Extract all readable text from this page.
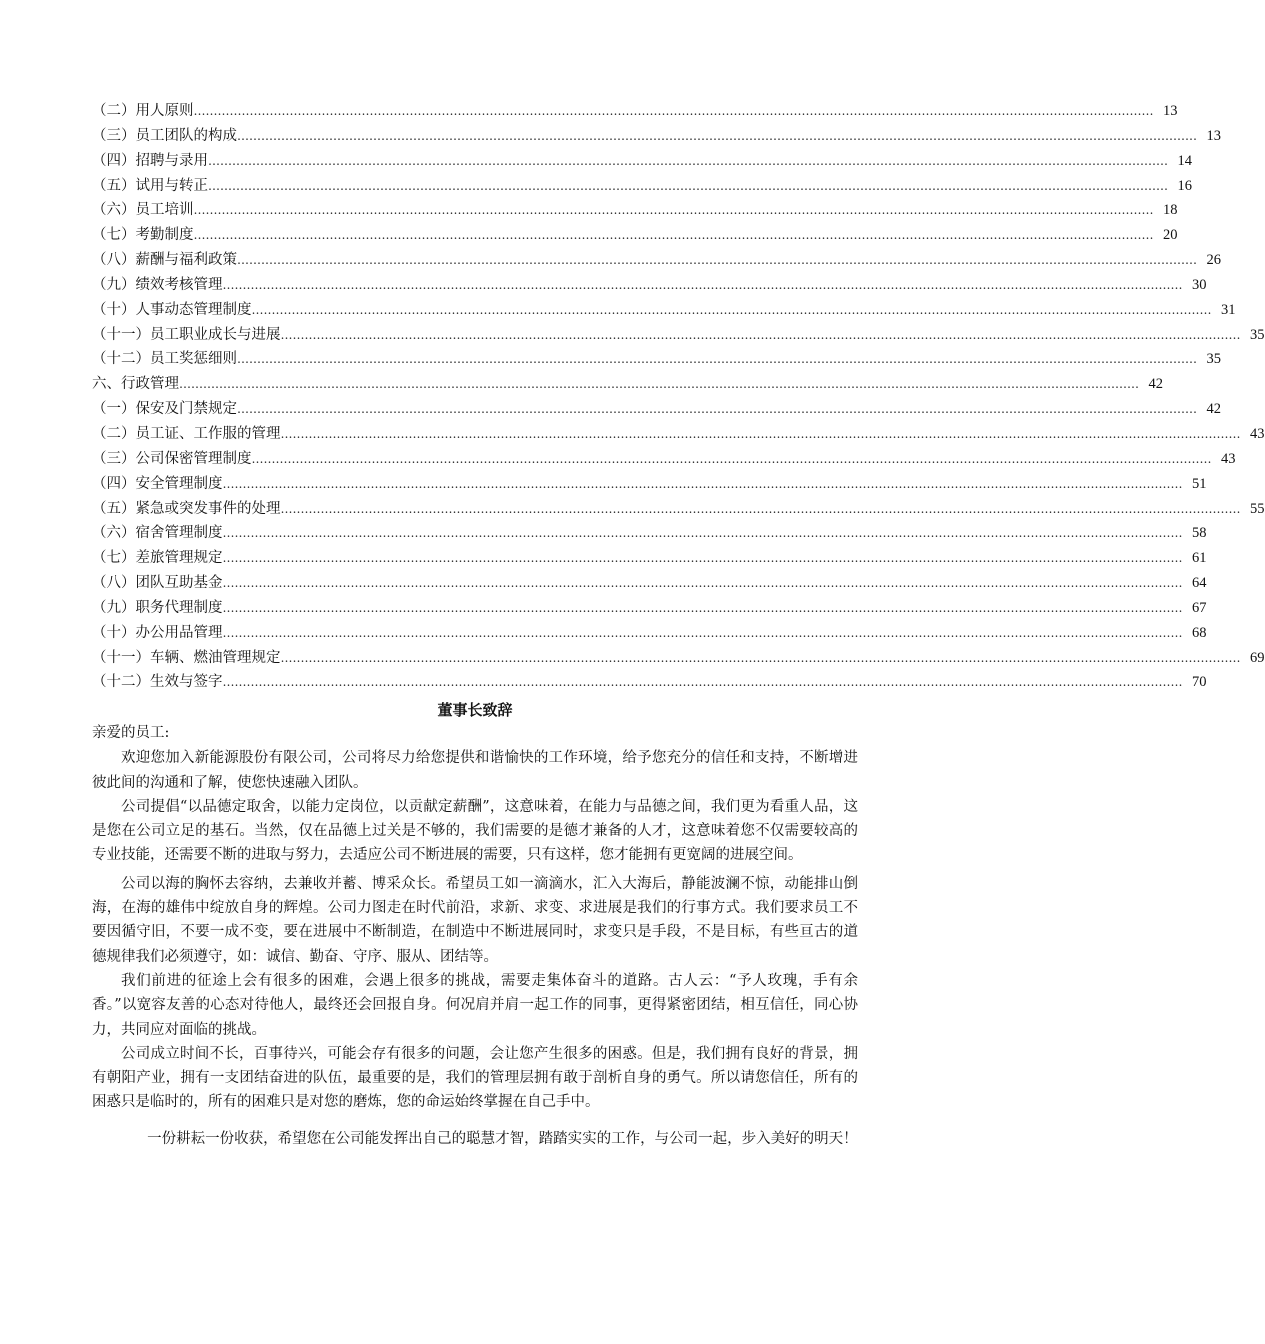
（二）用人原则 …………………………………………………………………………………………………………………………………………………………………………………………………………………… 13
（三）员工团队的构成 …………………………………………………………………………………………………………………………………………………………………………………………………………………… 13
（四）招聘与录用 …………………………………………………………………………………………………………………………………………………………………………………………………………………… 14
（五）试用与转正 …………………………………………………………………………………………………………………………………………………………………………………………………………………… 16
（六）员工培训 …………………………………………………………………………………………………………………………………………………………………………………………………………………… 18
（七）考勤制度 …………………………………………………………………………………………………………………………………………………………………………………………………………………… 20
（八）薪酬与福利政策 …………………………………………………………………………………………………………………………………………………………………………………………………………………… 26
（九）绩效考核管理 …………………………………………………………………………………………………………………………………………………………………………………………………………………… 30
（十）人事动态管理制度 …………………………………………………………………………………………………………………………………………………………………………………………………………………… 31
（十一）员工职业成长与进展 …………………………………………………………………………………………………………………………………………………………………………………………………………………… 35
（十二）员工奖惩细则 …………………………………………………………………………………………………………………………………………………………………………………………………………………… 35
六、行政管理 …………………………………………………………………………………………………………………………………………………………………………………………………………………… 42
（一）保安及门禁规定 …………………………………………………………………………………………………………………………………………………………………………………………………………………… 42
（二）员工证、工作服的管理 …………………………………………………………………………………………………………………………………………………………………………………………………………………… 43
（三）公司保密管理制度 …………………………………………………………………………………………………………………………………………………………………………………………………………………… 43
（四）安全管理制度 …………………………………………………………………………………………………………………………………………………………………………………………………………………… 51
（五）紧急或突发事件的处理 …………………………………………………………………………………………………………………………………………………………………………………………………………………… 55
（六）宿舍管理制度 …………………………………………………………………………………………………………………………………………………………………………………………………………………… 58
（七）差旅管理规定 …………………………………………………………………………………………………………………………………………………………………………………………………………………… 61
（八）团队互助基金 …………………………………………………………………………………………………………………………………………………………………………………………………………………… 64
（九）职务代理制度 …………………………………………………………………………………………………………………………………………………………………………………………………………………… 67
（十）办公用品管理 …………………………………………………………………………………………………………………………………………………………………………………………………………………… 68
（十一）车辆、燃油管理规定 …………………………………………………………………………………………………………………………………………………………………………………………………………………… 69
（十二）生效与签字 …………………………………………………………………………………………………………………………………………………………………………………………………………………… 70
董事长致辞
亲爱的员工:

欢迎您加入新能源股份有限公司，公司将尽力给您提供和谐愉快的工作环境，给予您充分的信任和支持，不断增进彼此间的沟通和了解，使您快速融入团队。

公司提倡“以品德定取舍，以能力定岗位，以贡献定薪酬”，这意味着，在能力与品德之间，我们更为看重人品，这是您在公司立足的基石。当然，仅在品德上过关是不够的，我们需要的是德才兼备的人才，这意味着您不仅需要较高的专业技能，还需要不断的进取与努力，去适应公司不断进展的需要，只有这样，您才能拥有更宽阔的进展空间。

公司以海的胸怀去容纳，去兼收并蓄、博采众长。希望员工如一滴滴水，汇入大海后，静能波澜不惊，动能排山倒海，在海的雄伟中绽放自身的辉煌。公司力图走在时代前沿，求新、求变、求进展是我们的行事方式。我们要求员工不要因循守旧，不要一成不变，要在进展中不断制造，在制造中不断进展同时，求变只是手段，不是目标，有些亘古的道德规律我们必须遵守，如：诚信、勤奋、守序、服从、团结等。

我们前进的征途上会有很多的困难，会遇上很多的挑战，需要走集体奋斗的道路。古人云：“予人玫瑰，手有余香。”以宽容友善的心态对待他人，最终还会回报自身。何况肩并肩一起工作的同事，更得紧密团结，相互信任，同心协力，共同应对面临的挑战。

公司成立时间不长，百事待兴，可能会存有很多的问题，会让您产生很多的困惑。但是，我们拥有良好的背景，拥有朝阳产业，拥有一支团结奋进的队伍，最重要的是，我们的管理层拥有敢于剖析自身的勇气。所以请您信任，所有的困惑只是临时的，所有的困难只是对您的磨炼，您的命运始终掌握在自己手中。

一份耕耘一份收获，希望您在公司能发挥出自己的聪慧才智，踏踏实实的工作，与公司一起，步入美好的明天！
